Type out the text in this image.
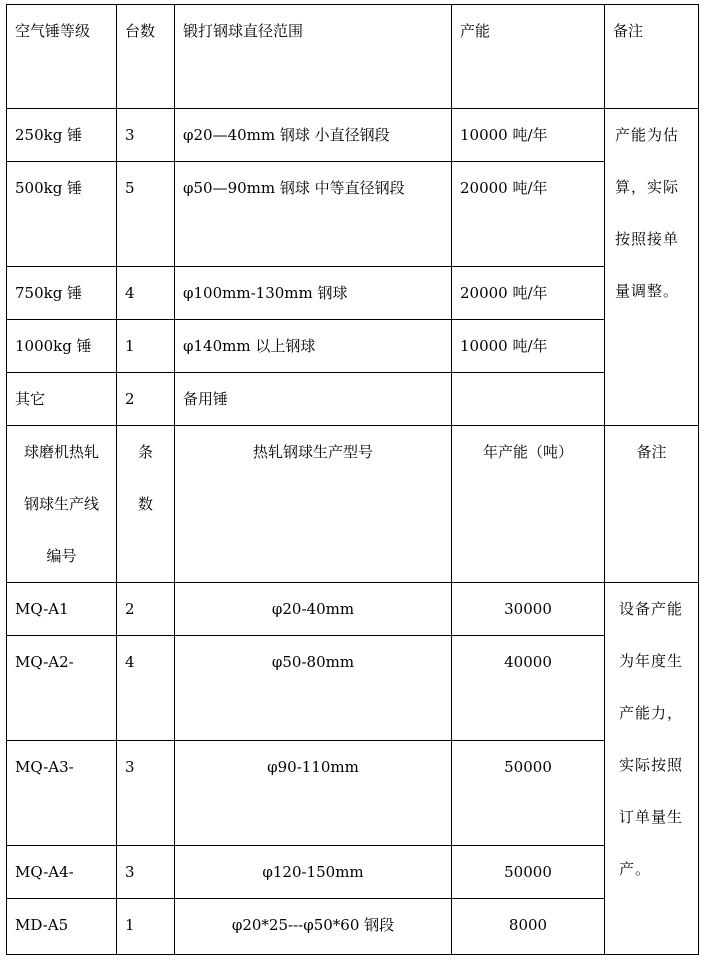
空气锤等级	台数	锻打钢球直径范围	产能	备注
250kg 锤	3	φ20—40mm 钢球 小直径钢段	10000 吨/年	产能为估算，实际按照接单量调整。
500kg 锤	5	φ50—90mm 钢球 中等直径钢段	20000 吨/年	
750kg 锤	4	φ100mm-130mm 钢球	20000 吨/年	
1000kg 锤	1	φ140mm 以上钢球	10000 吨/年	
其它	2	备用锤		
球磨机热轧钢球生产线编号	条数	热轧钢球生产型号	年产能（吨）	备注
MQ-A1	2	φ20-40mm	30000	设备产能为年度生产能力，实际按照订单量生产。
MQ-A2-	4	φ50-80mm	40000	
MQ-A3-	3	φ90-110mm	50000	
MQ-A4-	3	φ120-150mm	50000	
MD-A5	1	φ20*25---φ50*60 钢段	8000	
